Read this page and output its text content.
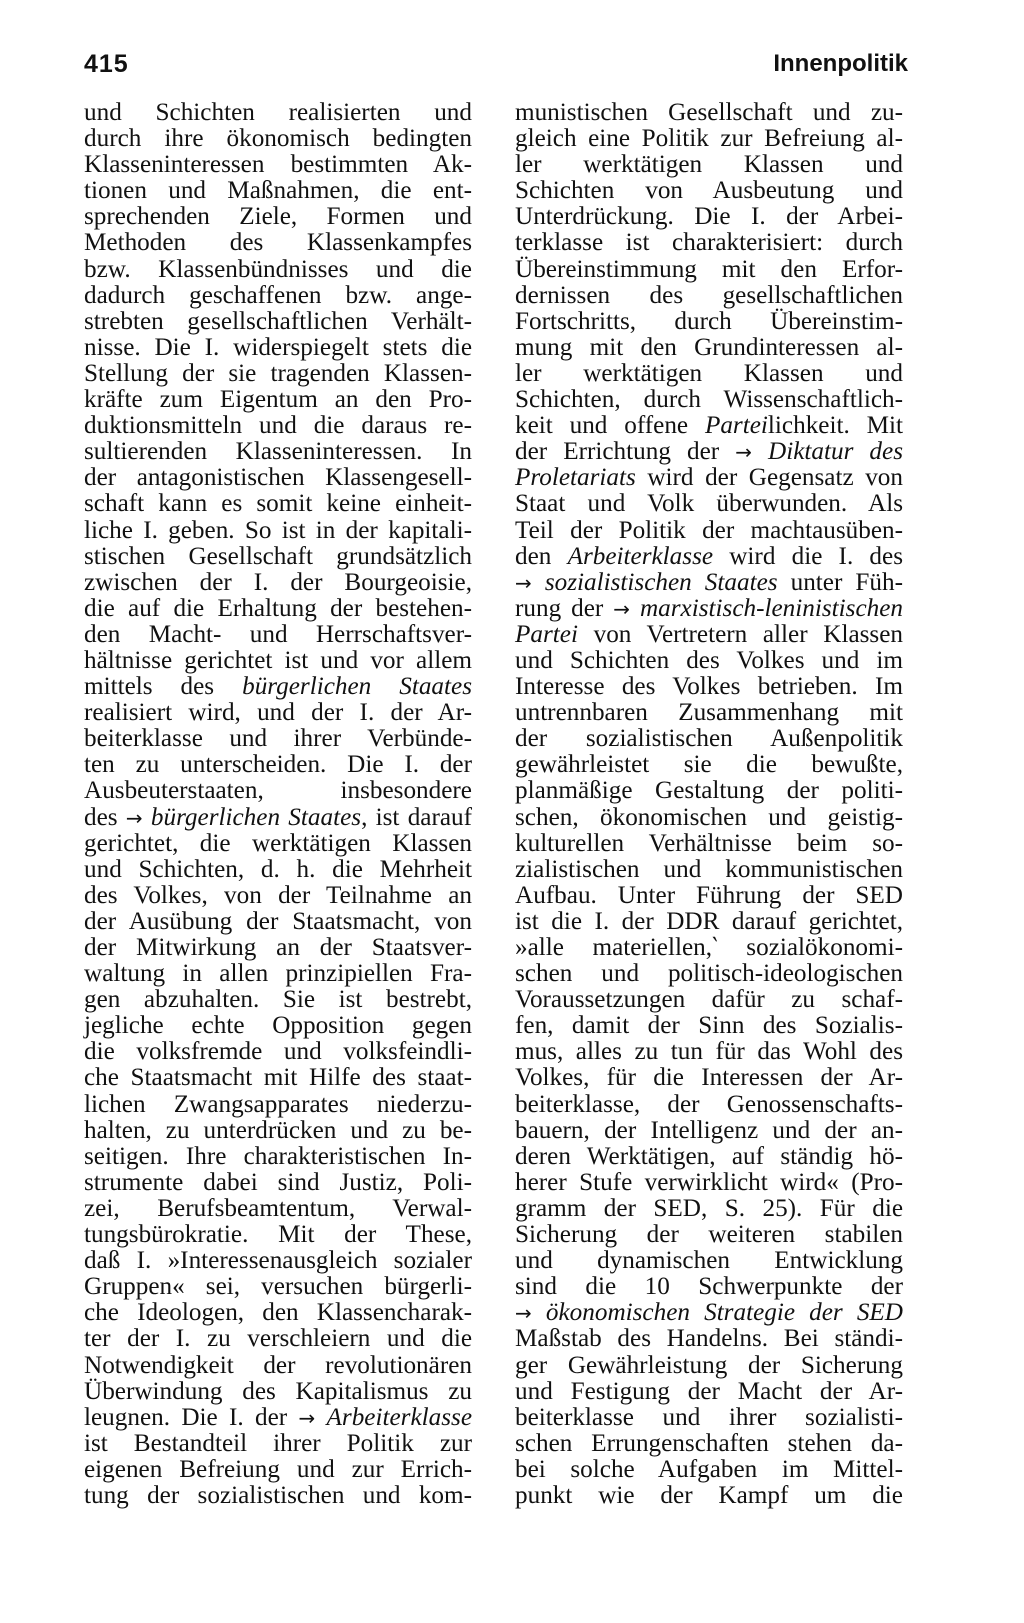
415	Innenpolitik
und Schichten realisierten und
durch ihre ökonomisch bedingten
Klasseninteressen bestimmten Ak-
tionen und Maßnahmen, die ent-
sprechenden Ziele, Formen und
Methoden des Klassenkampfes
bzw. Klassenbündnisses und die
dadurch geschaffenen bzw. ange-
strebten gesellschaftlichen Verhält-
nisse. Die I. widerspiegelt stets die
Stellung der sie tragenden Klassen-
kräfte zum Eigentum an den Pro-
duktionsmitteln und die daraus re-
sultierenden Klasseninteressen. In
der antagonistischen Klassengesell-
schaft kann es somit keine einheit-
liche I. geben. So ist in der kapitali-
stischen Gesellschaft grundsätzlich
zwischen der I. der Bourgeoisie,
die auf die Erhaltung der bestehen-
den Macht- und Herrschaftsver-
hältnisse gerichtet ist und vor allem
mittels des bürgerlichen Staates
realisiert wird, und der I. der Ar-
beiterklasse und ihrer Verbünde-
ten zu unterscheiden. Die I. der
Ausbeuterstaaten, insbesondere
des → bürgerlichen Staates, ist darauf
gerichtet, die werktätigen Klassen
und Schichten, d. h. die Mehrheit
des Volkes, von der Teilnahme an
der Ausübung der Staatsmacht, von
der Mitwirkung an der Staatsver-
waltung in allen prinzipiellen Fra-
gen abzuhalten. Sie ist bestrebt,
jegliche echte Opposition gegen
die volksfremde und volksfeindli-
che Staatsmacht mit Hilfe des staat-
lichen Zwangsapparates niederzu-
halten, zu unterdrücken und zu be-
seitigen. Ihre charakteristischen In-
strumente dabei sind Justiz, Poli-
zei, Berufsbeamtentum, Verwal-
tungsbürokratie. Mit der These,
daß I. »Interessenausgleich sozialer
Gruppen« sei, versuchen bürgerli-
che Ideologen, den Klassencharak-
ter der I. zu verschleiern und die
Notwendigkeit der revolutionären
Überwindung des Kapitalismus zu
leugnen. Die I. der → Arbeiterklasse
ist Bestandteil ihrer Politik zur
eigenen Befreiung und zur Errich-
tung der sozialistischen und kom-
munistischen Gesellschaft und zu-
gleich eine Politik zur Befreiung al-
ler werktätigen Klassen und
Schichten von Ausbeutung und
Unterdrückung. Die I. der Arbei-
terklasse ist charakterisiert: durch
Übereinstimmung mit den Erfor-
dernissen des gesellschaftlichen
Fortschritts, durch Übereinstim-
mung mit den Grundinteressen al-
ler werktätigen Klassen und
Schichten, durch Wissenschaftlich-
keit und offene Parteilichkeit. Mit
der Errichtung der → Diktatur des
Proletariats wird der Gegensatz von
Staat und Volk überwunden. Als
Teil der Politik der machtausüben-
den Arbeiterklasse wird die I. des
→ sozialistischen Staates unter Füh-
rung der → marxistisch-leninistischen
Partei von Vertretern aller Klassen
und Schichten des Volkes und im
Interesse des Volkes betrieben. Im
untrennbaren Zusammenhang mit
der sozialistischen Außenpolitik
gewährleistet sie die bewußte,
planmäßige Gestaltung der politi-
schen, ökonomischen und geistig-
kulturellen Verhältnisse beim so-
zialistischen und kommunistischen
Aufbau. Unter Führung der SED
ist die I. der DDR darauf gerichtet,
»alle materiellen,‵ sozialökonomi-
schen und politisch-ideologischen
Voraussetzungen dafür zu schaf-
fen, damit der Sinn des Sozialis-
mus, alles zu tun für das Wohl des
Volkes, für die Interessen der Ar-
beiterklasse, der Genossenschafts-
bauern, der Intelligenz und der an-
deren Werktätigen, auf ständig hö-
herer Stufe verwirklicht wird« (Pro-
gramm der SED, S. 25). Für die
Sicherung der weiteren stabilen
und dynamischen Entwicklung
sind die 10 Schwerpunkte der
→ ökonomischen Strategie der SED
Maßstab des Handelns. Bei ständi-
ger Gewährleistung der Sicherung
und Festigung der Macht der Ar-
beiterklasse und ihrer sozialisti-
schen Errungenschaften stehen da-
bei solche Aufgaben im Mittel-
punkt wie der Kampf um die
